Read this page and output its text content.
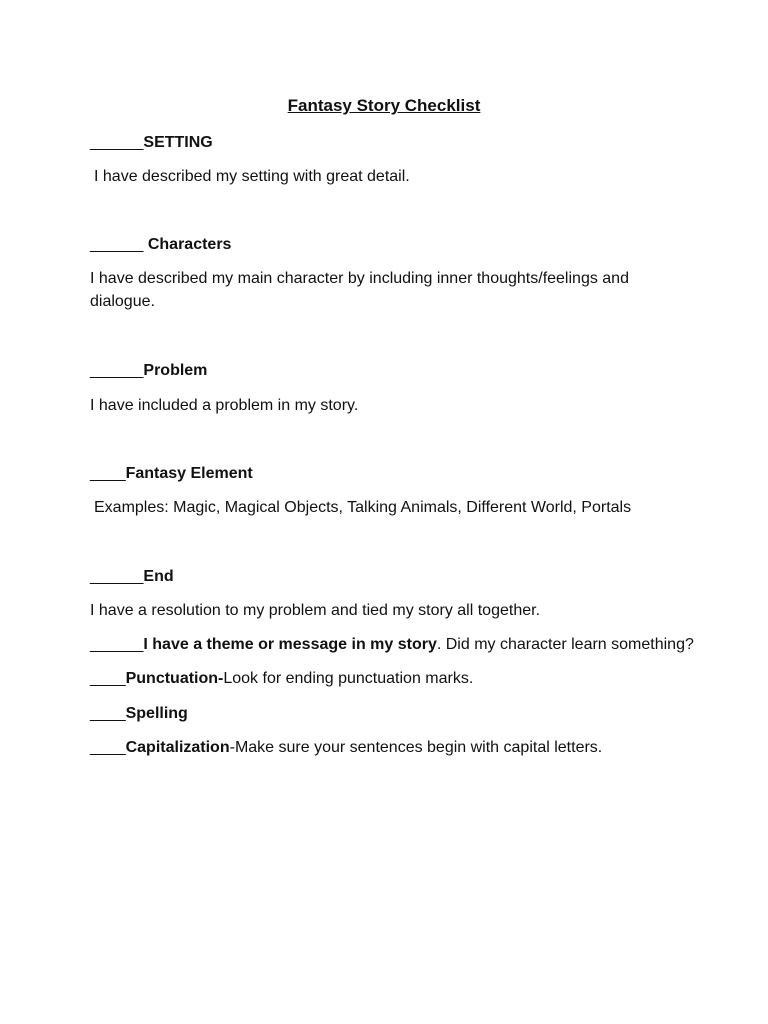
Fantasy Story Checklist
______SETTING
I have described my setting with great detail.
______ Characters
I have described my main character by including inner thoughts/feelings and dialogue.
______Problem
I have included a problem in my story.
____Fantasy Element
Examples: Magic, Magical Objects, Talking Animals, Different World, Portals
______End
I have a resolution to my problem and tied my story all together.
______I have a theme or message in my story. Did my character learn something?
____Punctuation-Look for ending punctuation marks.
____Spelling
____Capitalization-Make sure your sentences begin with capital letters.
